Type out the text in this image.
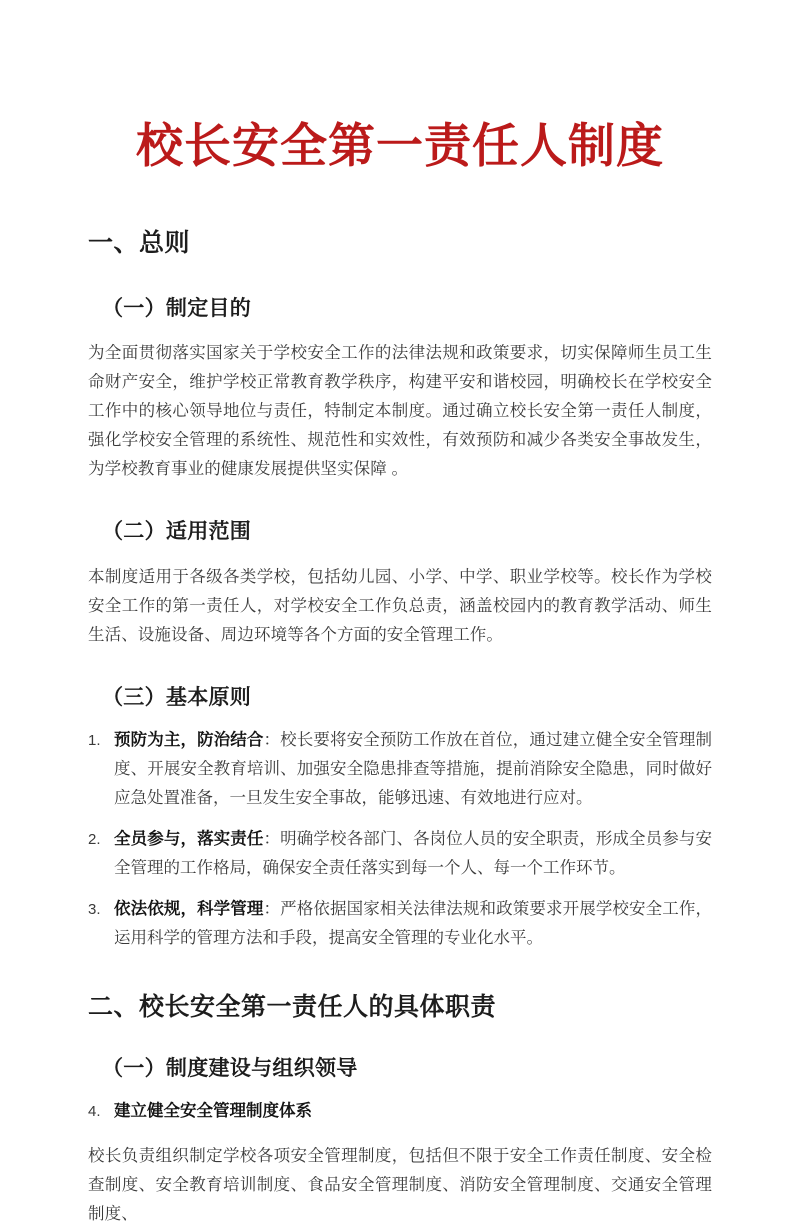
校长安全第一责任人制度
一、总则
（一）制定目的

为全面贯彻落实国家关于学校安全工作的法律法规和政策要求，切实保障师生员工生命财产安全，维护学校正常教育教学秩序，构建平安和谐校园，明确校长在学校安全工作中的核心领导地位与责任，特制定本制度。通过确立校长安全第一责任人制度，强化学校安全管理的系统性、规范性和实效性，有效预防和减少各类安全事故发生，为学校教育事业的健康发展提供坚实保障 。

（二）适用范围

本制度适用于各级各类学校，包括幼儿园、小学、中学、职业学校等。校长作为学校安全工作的第一责任人，对学校安全工作负总责，涵盖校园内的教育教学活动、师生生活、设施设备、周边环境等各个方面的安全管理工作。

（三）基本原则
1. 预防为主，防治结合：校长要将安全预防工作放在首位，通过建立健全安全管理制度、开展安全教育培训、加强安全隐患排查等措施，提前消除安全隐患，同时做好应急处置准备，一旦发生安全事故，能够迅速、有效地进行应对。
2. 全员参与，落实责任：明确学校各部门、各岗位人员的安全职责，形成全员参与安全管理的工作格局，确保安全责任落实到每一个人、每一个工作环节。
3. 依法依规，科学管理：严格依据国家相关法律法规和政策要求开展学校安全工作，运用科学的管理方法和手段，提高安全管理的专业化水平。
二、校长安全第一责任人的具体职责
（一）制度建设与组织领导
4. 建立健全安全管理制度体系

校长负责组织制定学校各项安全管理制度，包括但不限于安全工作责任制度、安全检查制度、安全教育培训制度、食品安全管理制度、消防安全管理制度、交通安全管理制度、
